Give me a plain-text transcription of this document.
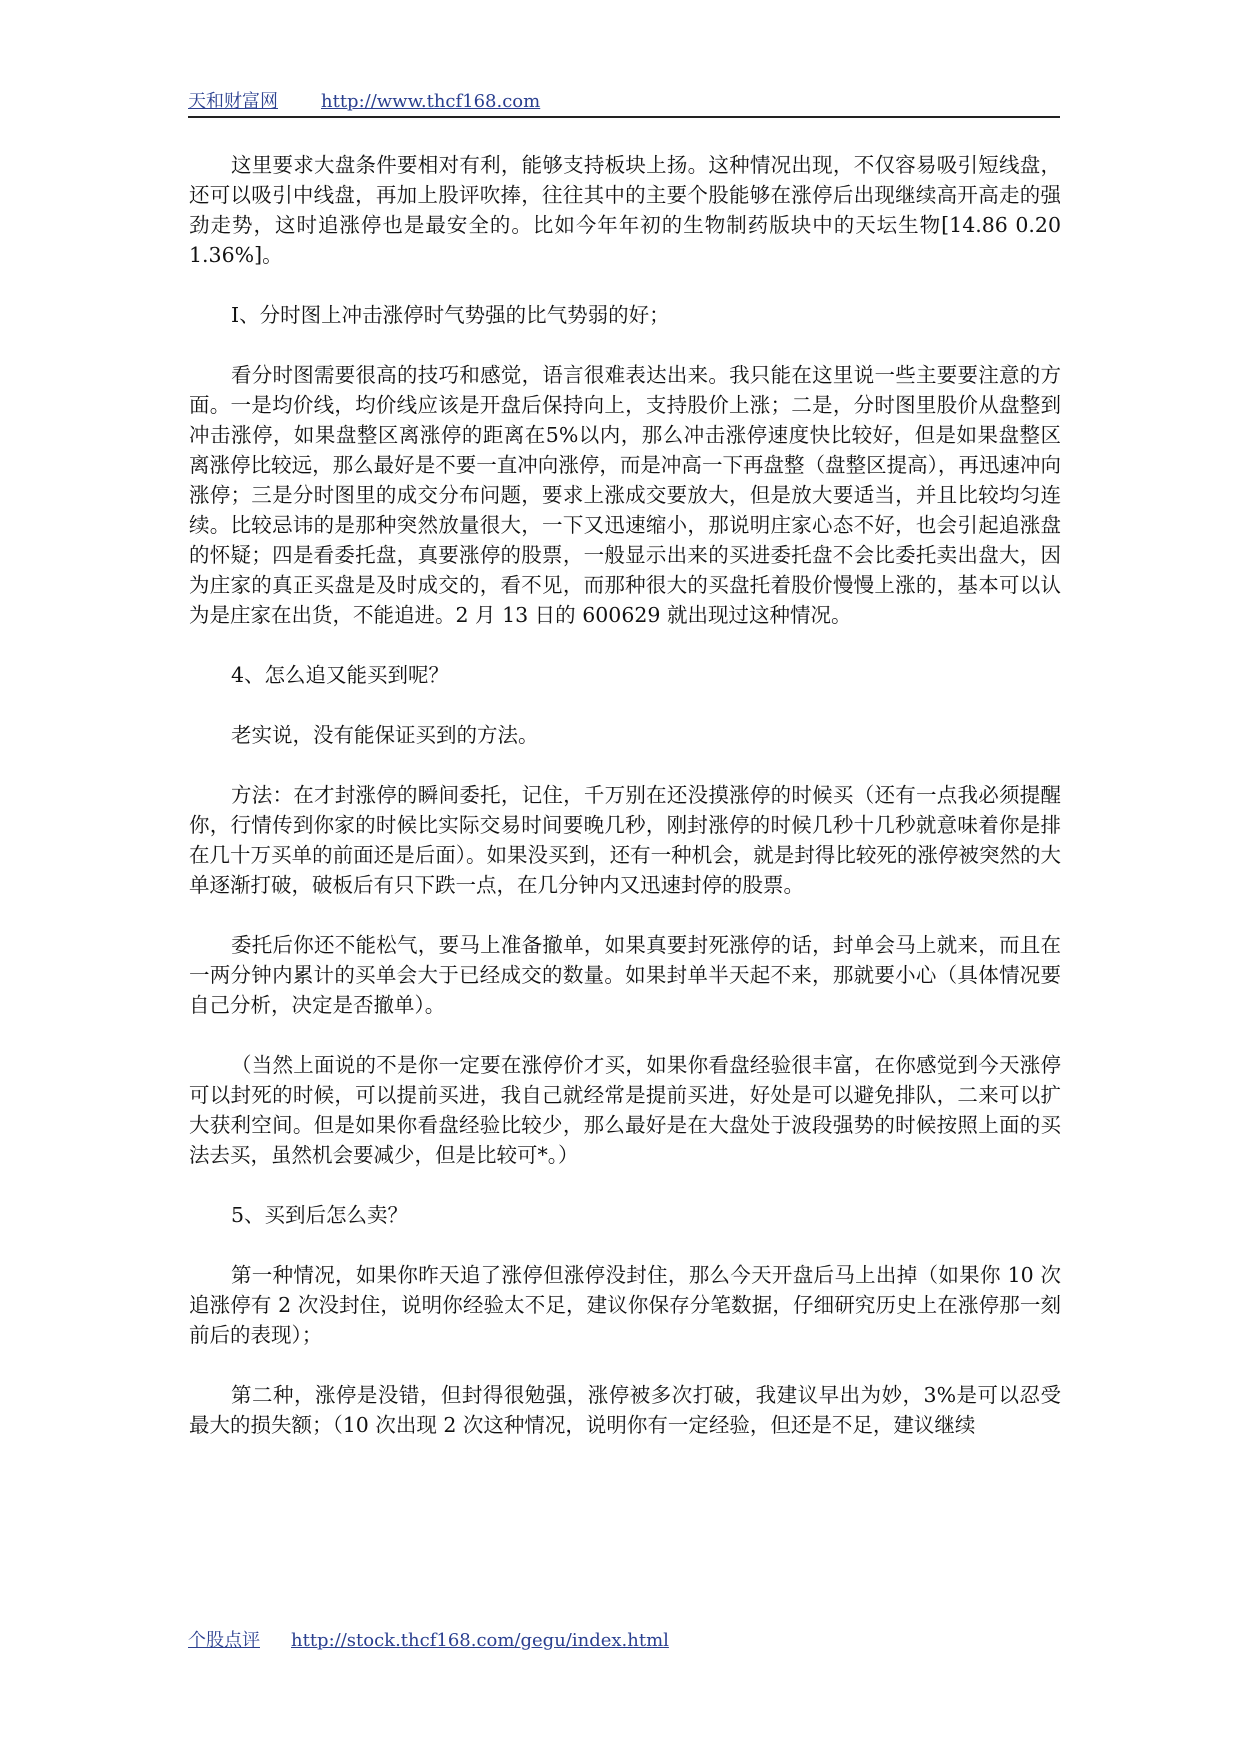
天和财富网 http://www.thcf168.com

这里要求大盘条件要相对有利，能够支持板块上扬。这种情况出现，不仅容易吸引短线盘，还可以吸引中线盘，再加上股评吹捧，往往其中的主要个股能够在涨停后出现继续高开高走的强劲走势，这时追涨停也是最安全的。比如今年年初的生物制药版块中的天坛生物[14.86 0.20 1.36%]。

I、分时图上冲击涨停时气势强的比气势弱的好；

看分时图需要很高的技巧和感觉，语言很难表达出来。我只能在这里说一些主要要注意的方面。一是均价线，均价线应该是开盘后保持向上，支持股价上涨；二是，分时图里股价从盘整到冲击涨停，如果盘整区离涨停的距离在5%以内，那么冲击涨停速度快比较好，但是如果盘整区离涨停比较远，那么最好是不要一直冲向涨停，而是冲高一下再盘整（盘整区提高），再迅速冲向涨停；三是分时图里的成交分布问题，要求上涨成交要放大，但是放大要适当，并且比较均匀连续。比较忌讳的是那种突然放量很大，一下又迅速缩小，那说明庄家心态不好，也会引起追涨盘的怀疑；四是看委托盘，真要涨停的股票，一般显示出来的买进委托盘不会比委托卖出盘大，因为庄家的真正买盘是及时成交的，看不见，而那种很大的买盘托着股价慢慢上涨的，基本可以认为是庄家在出货，不能追进。2 月 13 日的 600629 就出现过这种情况。

4、怎么追又能买到呢？

老实说，没有能保证买到的方法。

方法：在才封涨停的瞬间委托，记住，千万别在还没摸涨停的时候买（还有一点我必须提醒你，行情传到你家的时候比实际交易时间要晚几秒，刚封涨停的时候几秒十几秒就意味着你是排在几十万买单的前面还是后面）。如果没买到，还有一种机会，就是封得比较死的涨停被突然的大单逐渐打破，破板后有只下跌一点，在几分钟内又迅速封停的股票。

委托后你还不能松气，要马上准备撤单，如果真要封死涨停的话，封单会马上就来，而且在一两分钟内累计的买单会大于已经成交的数量。如果封单半天起不来，那就要小心（具体情况要自己分析，决定是否撤单）。

（当然上面说的不是你一定要在涨停价才买，如果你看盘经验很丰富，在你感觉到今天涨停可以封死的时候，可以提前买进，我自己就经常是提前买进，好处是可以避免排队，二来可以扩大获利空间。但是如果你看盘经验比较少，那么最好是在大盘处于波段强势的时候按照上面的买法去买，虽然机会要减少，但是比较可*。）

5、买到后怎么卖？

第一种情况，如果你昨天追了涨停但涨停没封住，那么今天开盘后马上出掉（如果你 10 次追涨停有 2 次没封住，说明你经验太不足，建议你保存分笔数据，仔细研究历史上在涨停那一刻前后的表现）；

第二种，涨停是没错，但封得很勉强，涨停被多次打破，我建议早出为妙，3%是可以忍受最大的损失额；（10 次出现 2 次这种情况，说明你有一定经验，但还是不足，建议继续

个股点评 http://stock.thcf168.com/gegu/index.html
